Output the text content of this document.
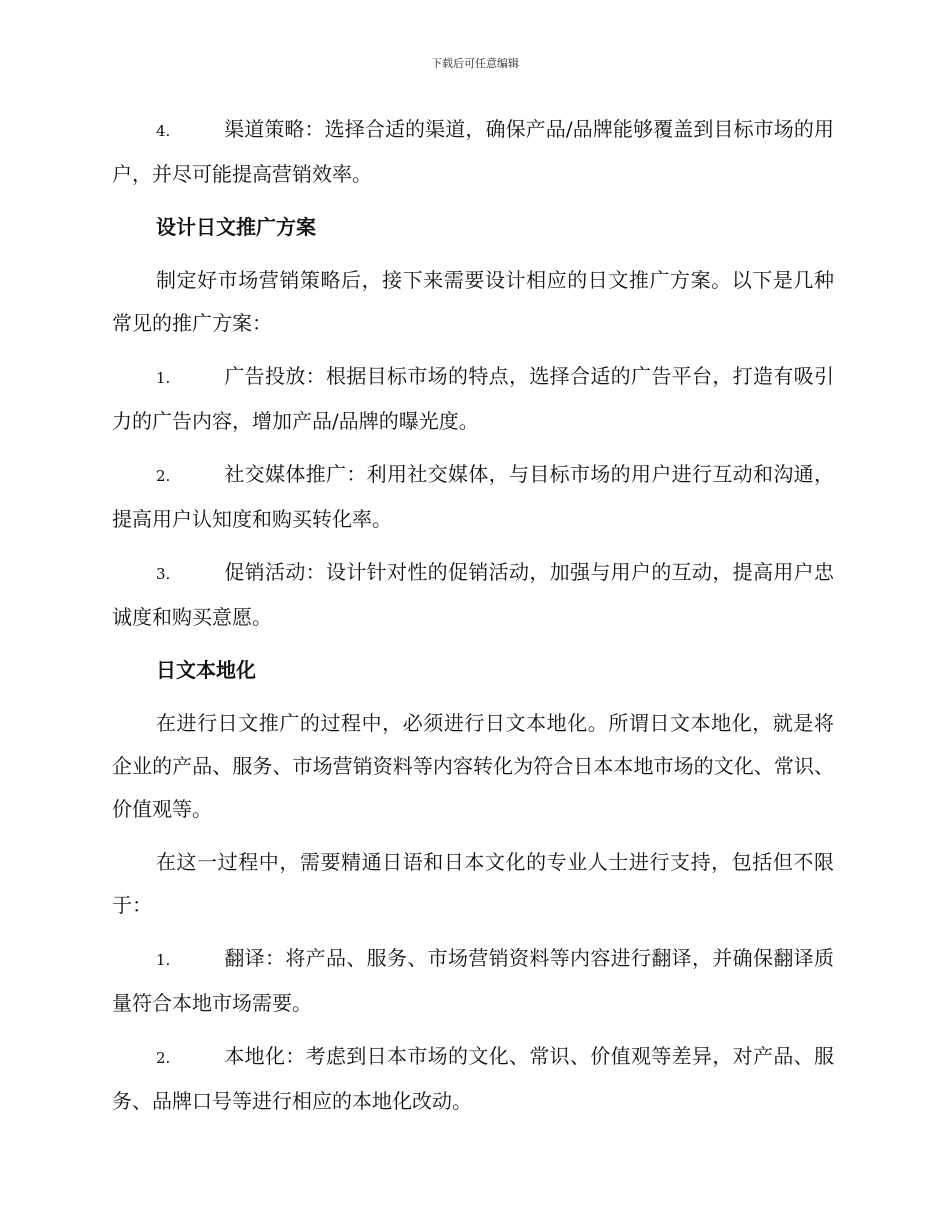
下载后可任意编辑

4.	渠道策略：选择合适的渠道，确保产品/品牌能够覆盖到目标市场的用户，并尽可能提高营销效率。

设计日文推广方案

制定好市场营销策略后，接下来需要设计相应的日文推广方案。以下是几种常见的推广方案：

1.	广告投放：根据目标市场的特点，选择合适的广告平台，打造有吸引力的广告内容，增加产品/品牌的曝光度。

2.	社交媒体推广：利用社交媒体，与目标市场的用户进行互动和沟通，提高用户认知度和购买转化率。

3.	促销活动：设计针对性的促销活动，加强与用户的互动，提高用户忠诚度和购买意愿。

日文本地化

在进行日文推广的过程中，必须进行日文本地化。所谓日文本地化，就是将企业的产品、服务、市场营销资料等内容转化为符合日本本地市场的文化、常识、价值观等。

在这一过程中，需要精通日语和日本文化的专业人士进行支持，包括但不限于：

1.	翻译：将产品、服务、市场营销资料等内容进行翻译，并确保翻译质量符合本地市场需要。

2.	本地化：考虑到日本市场的文化、常识、价值观等差异，对产品、服务、品牌口号等进行相应的本地化改动。
